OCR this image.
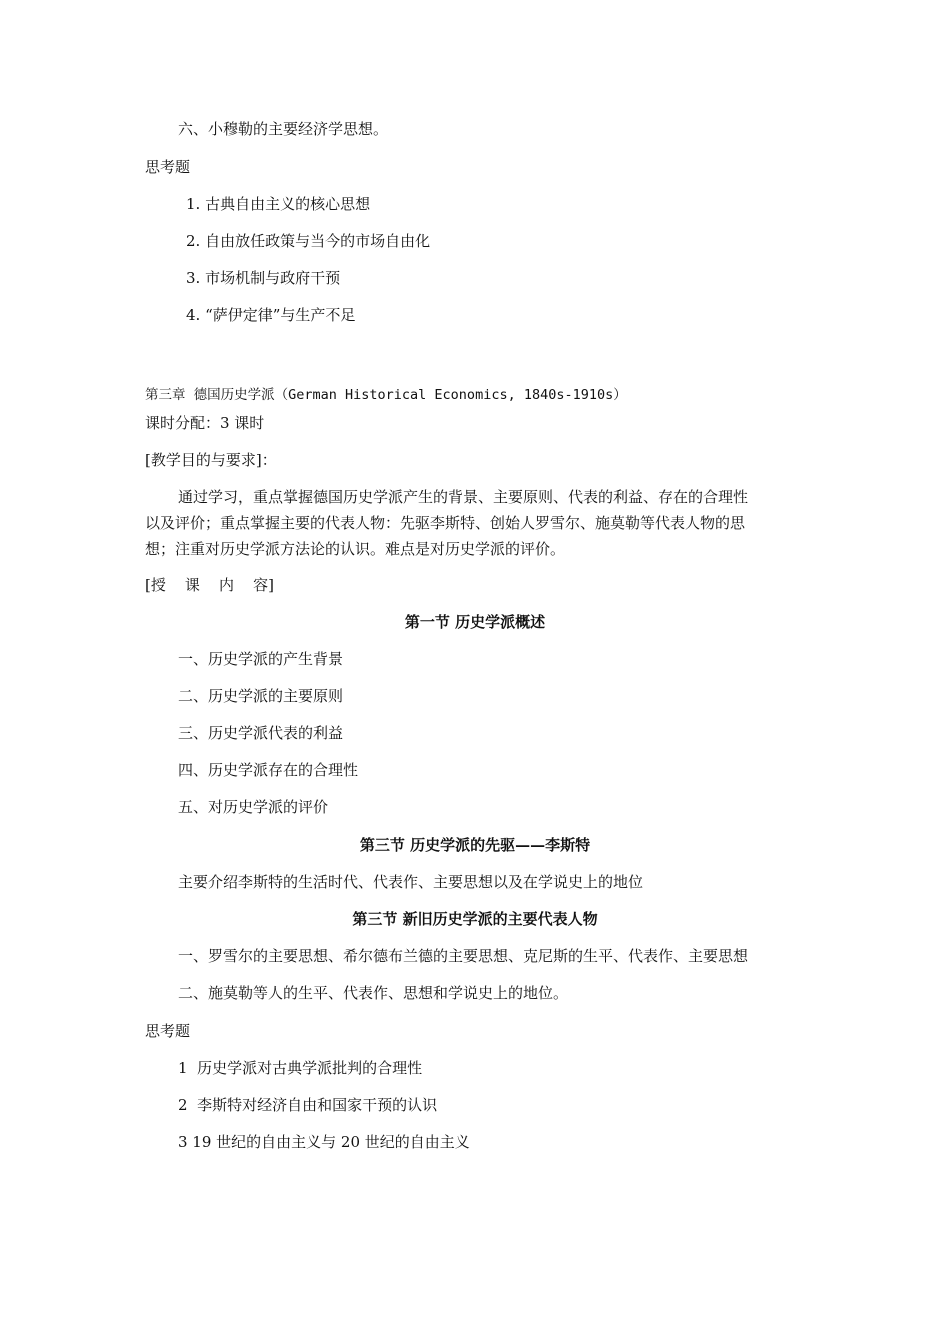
六、小穆勒的主要经济学思想。
思考题
1. 古典自由主义的核心思想
2. 自由放任政策与当今的市场自由化
3. 市场机制与政府干预
4. “萨伊定律”与生产不足
第三章 德国历史学派（German Historical Economics, 1840s-1910s）
课时分配：3 课时
[教学目的与要求]：
通过学习，重点掌握德国历史学派产生的背景、主要原则、代表的利益、存在的合理性
以及评价；重点掌握主要的代表人物：先驱李斯特、创始人罗雪尔、施莫勒等代表人物的思
想；注重对历史学派方法论的认识。难点是对历史学派的评价。
[授    课    内    容]
第一节 历史学派概述
一、历史学派的产生背景
二、历史学派的主要原则
三、历史学派代表的利益
四、历史学派存在的合理性
五、对历史学派的评价
第三节 历史学派的先驱——李斯特
主要介绍李斯特的生活时代、代表作、主要思想以及在学说史上的地位
第三节 新旧历史学派的主要代表人物
一、罗雪尔的主要思想、希尔德布兰德的主要思想、克尼斯的生平、代表作、主要思想
二、施莫勒等人的生平、代表作、思想和学说史上的地位。
思考题
1  历史学派对古典学派批判的合理性
2  李斯特对经济自由和国家干预的认识
3 19 世纪的自由主义与 20 世纪的自由主义
